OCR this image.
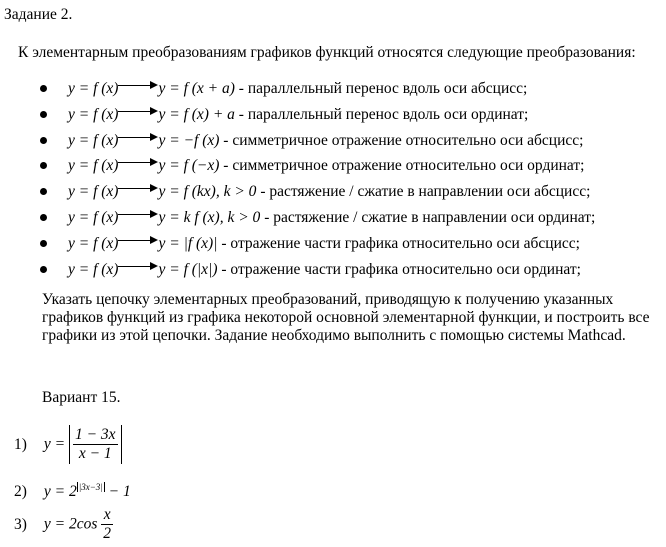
Задание 2.
К элементарным преобразованиям графиков функций относятся следующие преобразования:
y = f (x)	y = f (x + a) - параллельный перенос вдоль оси абсцисс;
y = f (x)	y = f (x) + a - параллельный перенос вдоль оси ординат;
y = f (x)	y = −f (x) - симметричное отражение относительно оси абсцисс;
y = f (x)	y = f (−x) - симметричное отражение относительно оси ординат;
y = f (x)	y = f (kx), k > 0 - растяжение / сжатие в направлении оси абсцисс;
y = f (x)	y = k f (x), k > 0 - растяжение / сжатие в направлении оси ординат;
y = f (x)	y = |f (x)| - отражение части графика относительно оси абсцисс;
y = f (x)	y = f (|x|) - отражение части графика относительно оси ординат;
Указать цепочку элементарных преобразований, приводящую к получению указанных графиков функций из графика некоторой основной элементарной функции, и построить все графики из этой цепочки. Задание необходимо выполнить с помощью системы Mathcad.
Вариант 15.
1) $y = \frac{1 - 3x}{x - 1}$
2) y = 2 $^{|3x-3|}$ − 1
3) $y = 2\cos \frac{x}{2}$
